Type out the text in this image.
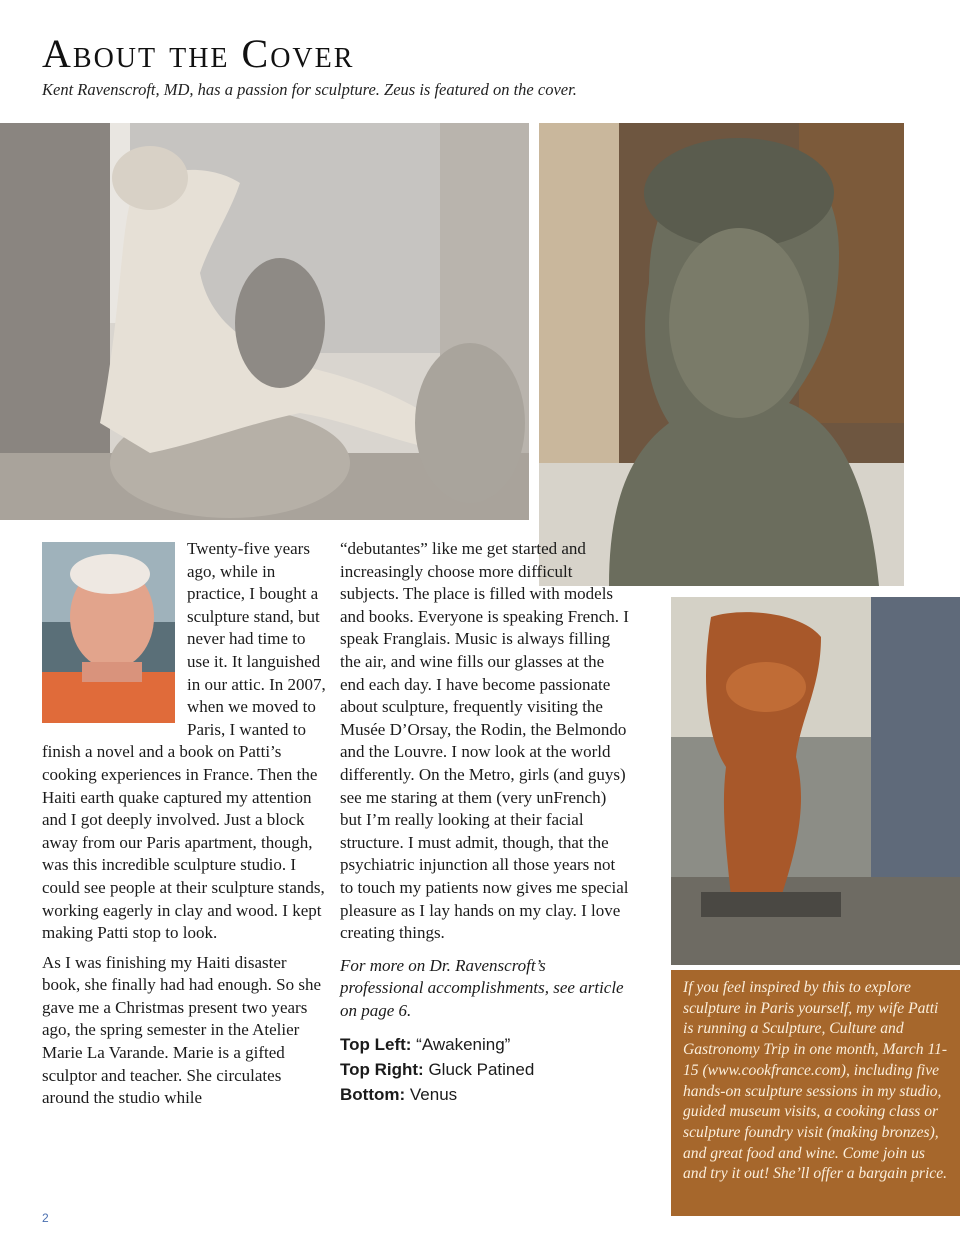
About the Cover
Kent Ravenscroft, MD, has a passion for sculpture. Zeus is featured on the cover.

Twenty-five years ago, while in practice, I bought a sculpture stand, but never had time to use it. It languished in our attic. In 2007, when we moved to Paris, I wanted to finish a novel and a book on Patti’s cooking experiences in France. Then the Haiti earth quake captured my attention and I got deeply involved. Just a block away from our Paris apartment, though, was this incredible sculpture studio. I could see people at their sculpture stands, working eagerly in clay and wood. I kept making Patti stop to look.

As I was finishing my Haiti disaster book, she finally had had enough. So she gave me a Christmas present two years ago, the spring semester in the Atelier Marie La Varande. Marie is a gifted sculptor and teacher. She circulates around the studio while

“debutantes” like me get started and increasingly choose more difficult subjects. The place is filled with models and books. Everyone is speaking French. I speak Franglais. Music is always filling the air, and wine fills our glasses at the end each day. I have become passionate about sculpture, frequently visiting the Musée D’Orsay, the Rodin, the Belmondo and the Louvre. I now look at the world differently. On the Metro, girls (and guys) see me staring at them (very unFrench) but I’m really looking at their facial structure. I must admit, though, that the psychiatric injunction all those years not to touch my patients now gives me special pleasure as I lay hands on my clay. I love creating things.

For more on Dr. Ravenscroft’s professional accomplishments, see article on page 6.
Top Left: “Awakening”
Top Right: Gluck Patined
Bottom: Venus
If you feel inspired by this to explore sculpture in Paris yourself, my wife Patti is running a Sculpture, Culture and Gastronomy Trip in one month, March 11-15 (www.cookfrance.com), including five hands-on sculpture sessions in my studio, guided museum visits, a cooking class or sculpture foundry visit (making bronzes), and great food and wine. Come join us and try it out! She’ll offer a bargain price.
2
